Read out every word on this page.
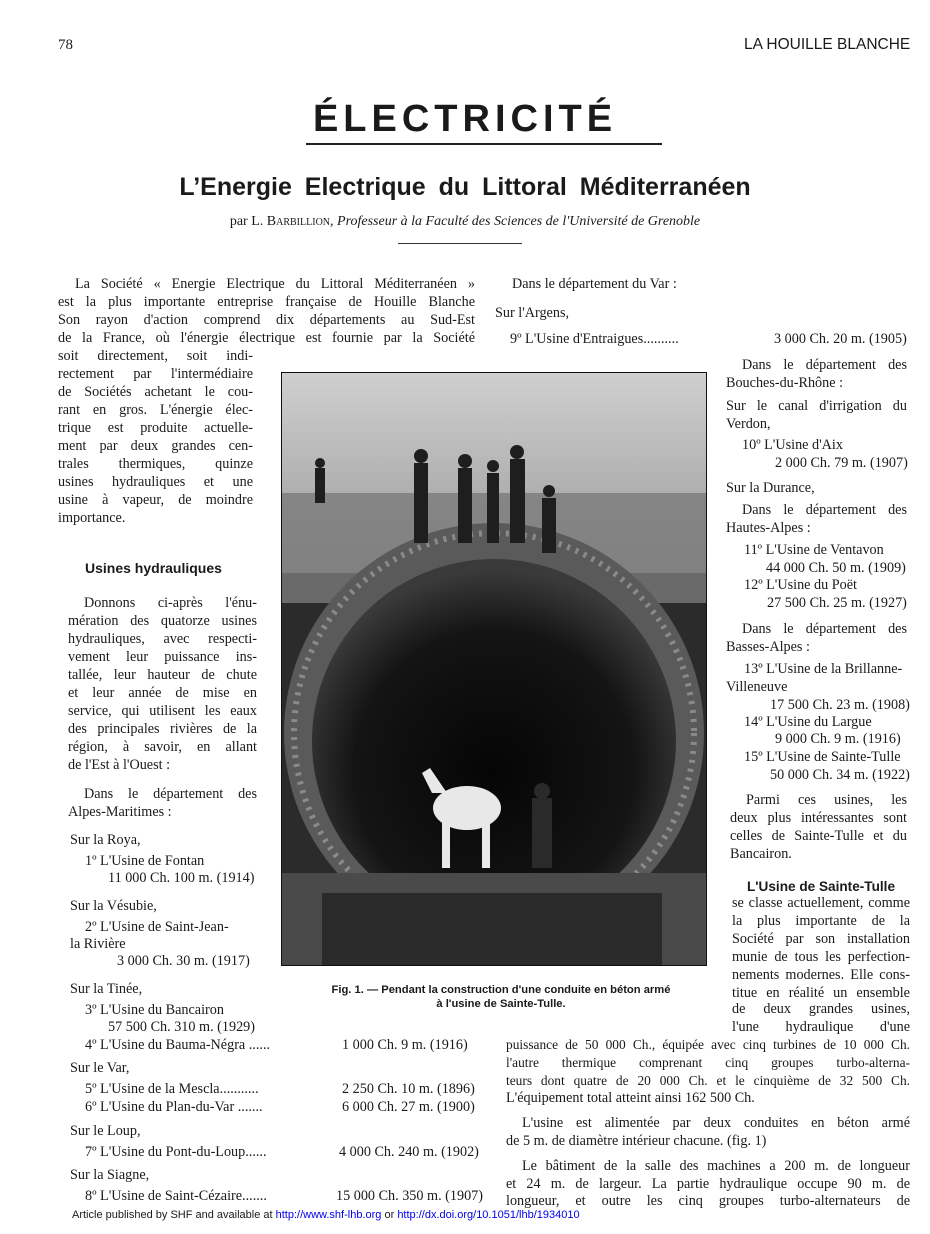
78	LA HOUILLE BLANCHE
ÉLECTRICITÉ
L’Energie Electrique du Littoral Méditerranéen
par L. Barbillion, Professeur à la Faculté des Sciences de l'Université de Grenoble
La Société « Energie Electrique du Littoral Méditerranéen »
est la plus importante entreprise française de Houille Blanche
Son rayon d'action comprend dix départements au Sud-Est
de la France, où l'énergie électrique est fournie par la Société
soit directement, soit indi-
rectement par l'intermédiaire
de Sociétés achetant le cou-
rant en gros. L'énergie élec-
trique est produite actuelle-
ment par deux grandes cen-
trales thermiques, quinze
usines hydrauliques et une
usine à vapeur, de moindre
importance.
Usines hydrauliques
Donnons ci-après l'énu-
mération des quatorze usines
hydrauliques, avec respecti-
vement leur puissance ins-
tallée, leur hauteur de chute
et leur année de mise en
service, qui utilisent les eaux
des principales rivières de la
région, à savoir, en allant
de l'Est à l'Ouest :
Dans le département des
Alpes-Maritimes :
Sur la Roya,
1º L'Usine de Fontan
11 000 Ch. 100 m. (1914)
Sur la Vésubie,
2º L'Usine de Saint-Jean-
la Rivière
3 000 Ch. 30 m. (1917)
Sur la Tinée,
3º L'Usine du Bancairon
57 500 Ch. 310 m. (1929)
4º L'Usine du Bauma-Négra ......	1 000 Ch. 9 m. (1916)
Sur le Var,
5º L'Usine de la Mescla...........	2 250 Ch. 10 m. (1896)
6º L'Usine du Plan-du-Var .......	6 000 Ch. 27 m. (1900)
Sur le Loup,
7º L'Usine du Pont-du-Loup......	4 000 Ch. 240 m. (1902)
Sur la Siagne,
8º L'Usine de Saint-Cézaire.......	15 000 Ch. 350 m. (1907)
Dans le département du Var :
Sur l'Argens,
9º L'Usine d'Entraigues..........	3 000 Ch. 20 m. (1905)
Fig. 1. — Pendant la construction d'une conduite en béton armé
à l'usine de Sainte-Tulle.
Dans le département des
Bouches-du-Rhône :
Sur le canal d'irrigation du
Verdon,
10º L'Usine d'Aix
2 000 Ch. 79 m. (1907)
Sur la Durance,
Dans le département des
Hautes-Alpes :
11º L'Usine de Ventavon
44 000 Ch. 50 m. (1909)
12º L'Usine du Poët
27 500 Ch. 25 m. (1927)
Dans le département des
Basses-Alpes :
13º L'Usine de la Brillanne-
Villeneuve
17 500 Ch. 23 m. (1908)
14º L'Usine du Largue
9 000 Ch. 9 m. (1916)
15º L'Usine de Sainte-Tulle
50 000 Ch. 34 m. (1922)
Parmi ces usines, les
deux plus intéressantes sont
celles de Sainte-Tulle et du
Bancairon.
L'Usine de Sainte-Tulle
se classe actuellement, comme
la plus importante de la
Société par son installation
munie de tous les perfection-
nements modernes. Elle cons-
titue en réalité un ensemble
de deux grandes usines,
l'une hydraulique d'une
puissance de 50 000 Ch., équipée avec cinq turbines de 10 000 Ch.
l'autre thermique comprenant cinq groupes turbo-alterna-
teurs dont quatre de 20 000 Ch. et le cinquième de 32 500 Ch.
L'équipement total atteint ainsi 162 500 Ch.
L'usine est alimentée par deux conduites en béton armé
de 5 m. de diamètre intérieur chacune. (fig. 1)
Le bâtiment de la salle des machines a 200 m. de longueur
et 24 m. de largeur. La partie hydraulique occupe 90 m. de
longueur, et outre les cinq groupes turbo-alternateurs de
Article published by SHF and available at http://www.shf-lhb.org or http://dx.doi.org/10.1051/lhb/1934010
